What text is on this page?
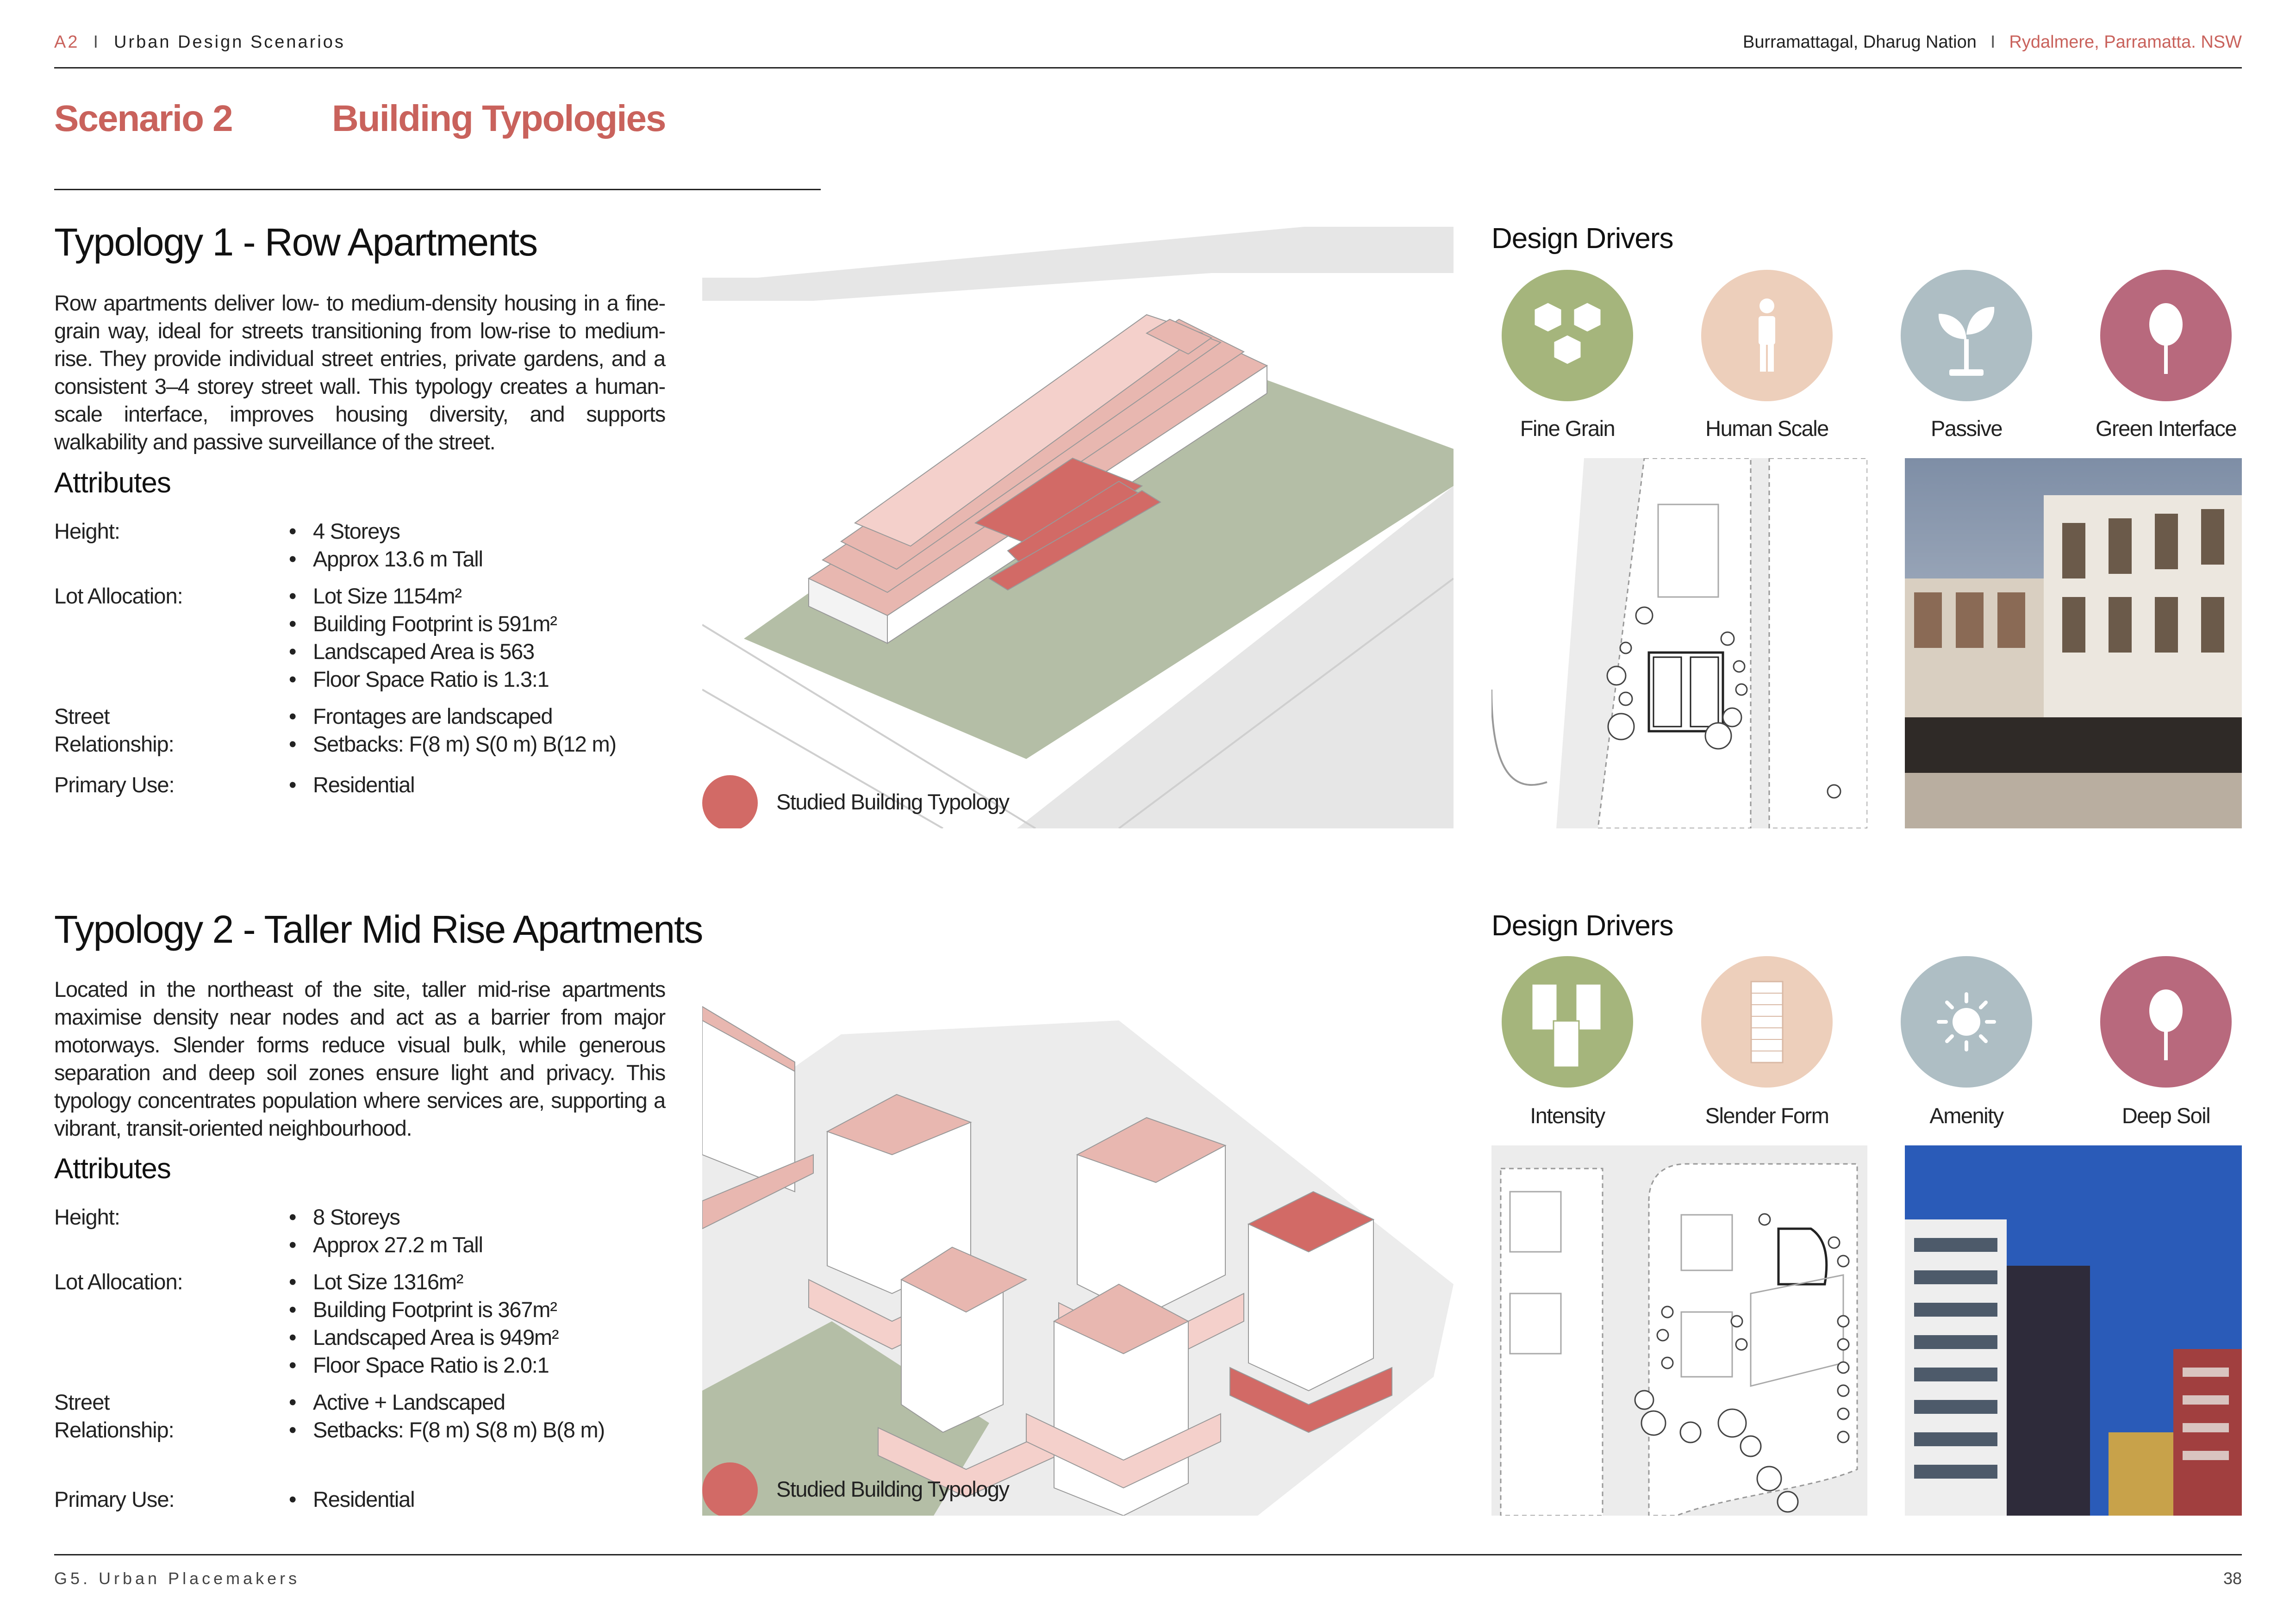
A2 I Urban Design Scenarios	Burramattagal, Dharug Nation I Rydalmere, Parramatta. NSW
Scenario 2	Building Typologies
Typology 1 - Row Apartments
Row apartments deliver low- to medium-density housing in a fine-grain way, ideal for streets transitioning from low-rise to medium-rise. They provide individual street entries, private gardens, and a consistent 3–4 storey street wall. This typology creates a human-scale interface, improves housing diversity, and supports walkability and passive surveillance of the street.
Attributes
Height:	• 4 Storeys
• Approx 13.6 m Tall
Lot Allocation:	• Lot Size 1154m²
• Building Footprint is 591m²
• Landscaped Area is 563
• Floor Space Ratio is 1.3:1
Street Relationship:
• Frontages are landscaped
• Setbacks: F(8 m) S(0 m) B(12 m)
Primary Use:	• Residential
Studied Building Typology
Design Drivers
Fine Grain	Human Scale	Passive	Green Interface
Typology 2 - Taller Mid Rise Apartments
Located in the northeast of the site, taller mid-rise apartments maximise density near nodes and act as a barrier from major motorways. Slender forms reduce visual bulk, while generous separation and deep soil zones ensure light and privacy. This typology concentrates population where services are, supporting a vibrant, transit-oriented neighbourhood.
Attributes
Height:	• 8 Storeys
• Approx 27.2 m Tall
Lot Allocation:	• Lot Size 1316m²
• Building Footprint is 367m²
• Landscaped Area is 949m²
• Floor Space Ratio is 2.0:1
Street Relationship:
• Active + Landscaped
• Setbacks: F(8 m) S(8 m) B(8 m)
Primary Use:	• Residential	Studied Building Typology
Design Drivers
Intensity	Slender Form	Amenity	Deep Soil
G5. Urban Placemakers	38
